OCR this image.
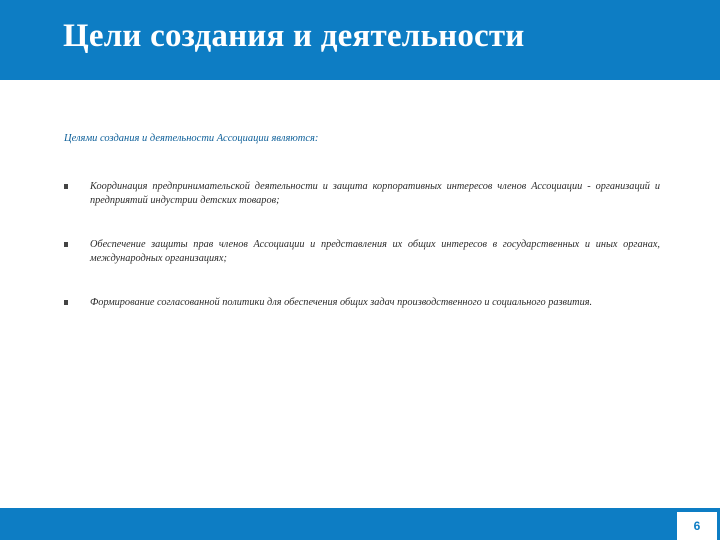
Цели создания и деятельности
Целями создания и деятельности Ассоциации являются:
Координация предпринимательской деятельности и защита корпоративных интересов членов Ассоциации - организаций и предприятий индустрии детских товаров;
Обеспечение защиты прав членов Ассоциации и представления их общих интересов в государственных и иных органах, международных организациях;
Формирование согласованной политики для обеспечения общих задач производственного и социального развития.
6
